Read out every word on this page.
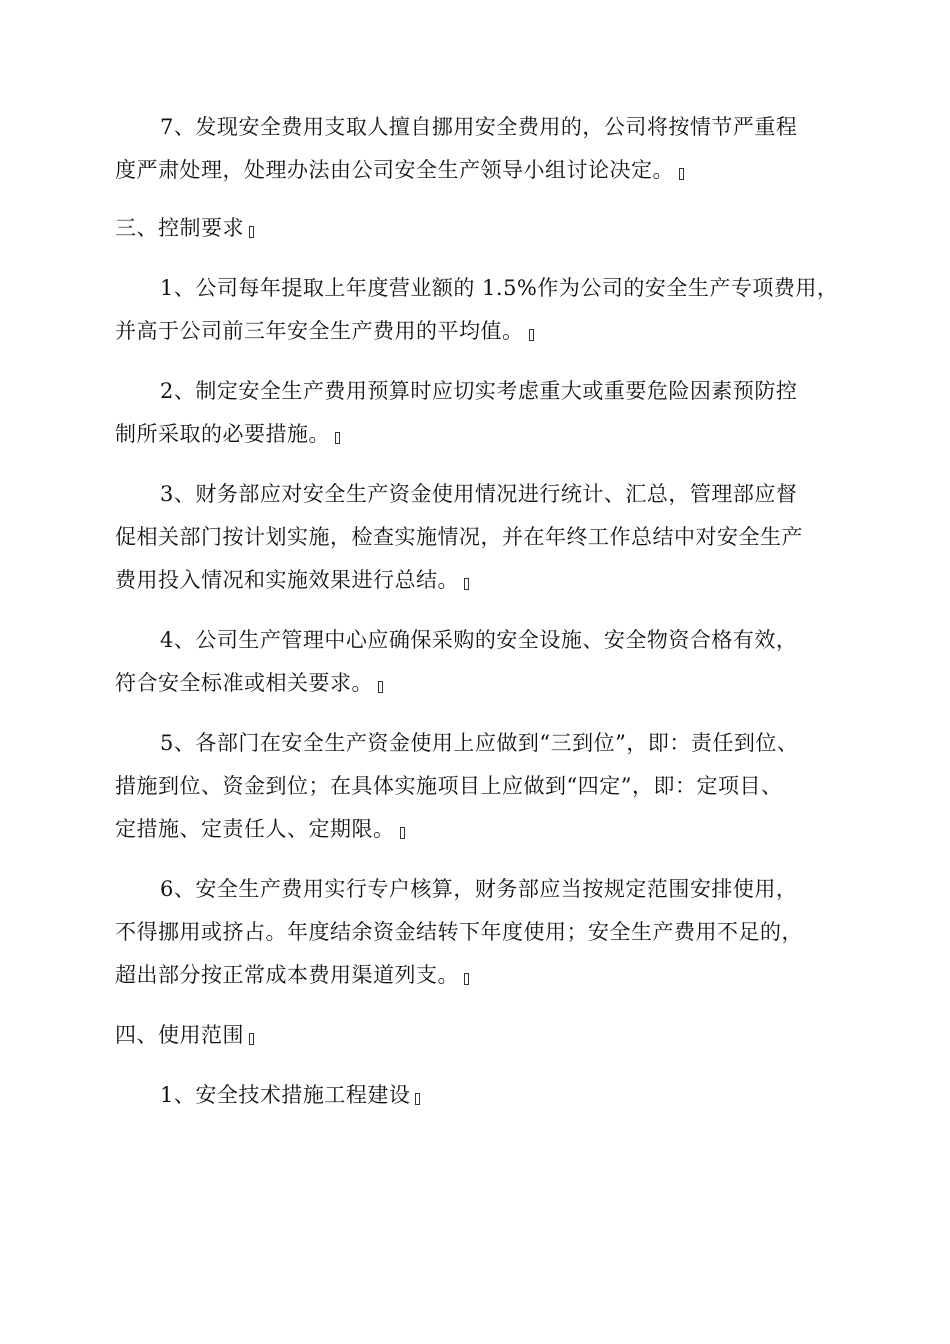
7、发现安全费用支取人擅自挪用安全费用的，公司将按情节严重程
度严肃处理，处理办法由公司安全生产领导小组讨论决定。
三、控制要求
1、公司每年提取上年度营业额的 1.5%作为公司的安全生产专项费用，
并高于公司前三年安全生产费用的平均值。
2、制定安全生产费用预算时应切实考虑重大或重要危险因素预防控
制所采取的必要措施。
3、财务部应对安全生产资金使用情况进行统计、汇总，管理部应督
促相关部门按计划实施，检查实施情况，并在年终工作总结中对安全生产
费用投入情况和实施效果进行总结。
4、公司生产管理中心应确保采购的安全设施、安全物资合格有效，
符合安全标准或相关要求。
5、各部门在安全生产资金使用上应做到“三到位”，即：责任到位、
措施到位、资金到位；在具体实施项目上应做到“四定”，即：定项目、
定措施、定责任人、定期限。
6、安全生产费用实行专户核算，财务部应当按规定范围安排使用，
不得挪用或挤占。年度结余资金结转下年度使用；安全生产费用不足的，
超出部分按正常成本费用渠道列支。
四、使用范围
1、安全技术措施工程建设
